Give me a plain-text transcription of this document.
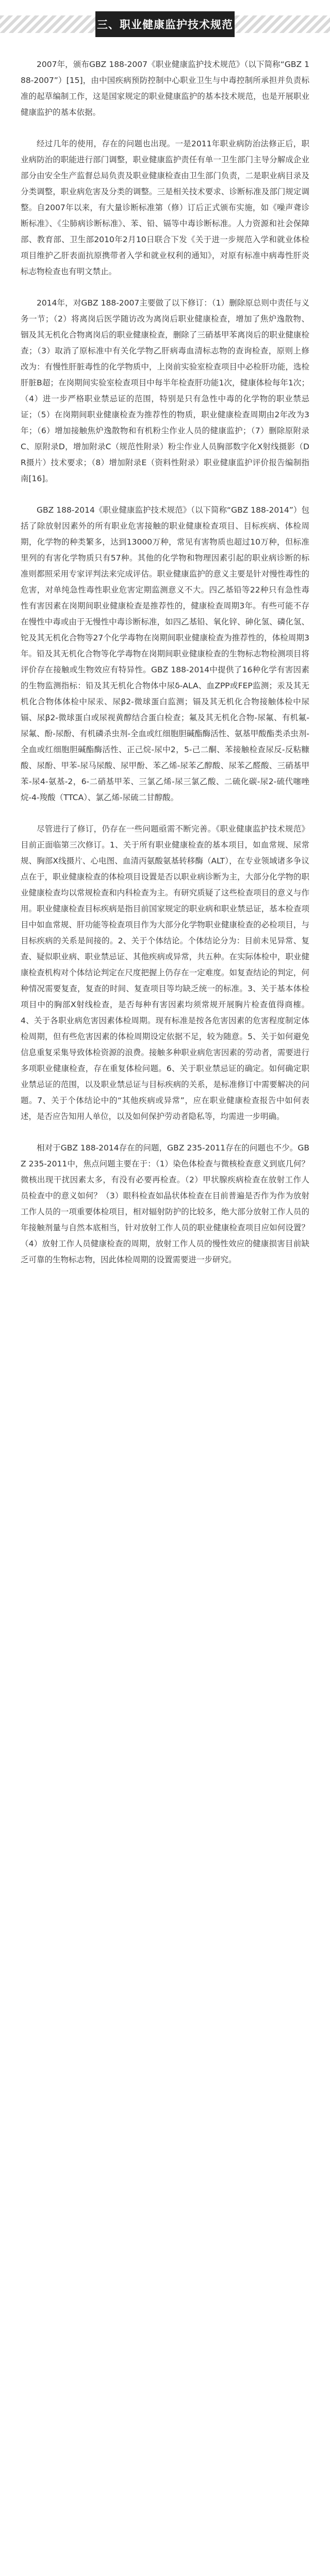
三、职业健康监护技术规范

2007年，颁布GBZ 188-2007《职业健康监护技术规范》（以下简称“GBZ 188-2007”）[15]，由中国疾病预防控制中心职业卫生与中毒控制所承担并负责标准的起草编制工作，这是国家规定的职业健康监护的基本技术规范，也是开展职业健康监护的基本依据。

经过几年的使用，存在的问题也出现。一是2011年职业病防治法修正后，职业病防治的职能进行部门调整，职业健康监护责任有单一卫生部门主导分解成企业部分由安全生产监督总局负责及职业健康检查由卫生部门负责，二是职业病目录及分类调整，职业病危害及分类的调整。三是相关技术要求、诊断标准及部门规定调整。自2007年以来，有大量诊断标准第（修）订后正式颁布实施，如《噪声聋诊断标准》、《尘肺病诊断标准》、苯、铅、镉等中毒诊断标准。人力资源和社会保障部、教育部、卫生部2010年2月10日联合下发《关于进一步规范入学和就业体检项目维护乙肝表面抗原携带者入学和就业权利的通知》，对原有标准中病毒性肝炎标志物检查也有明文禁止。

2014年，对GBZ 188-2007主要做了以下修订：（1）删除原总则中责任与义务一节；（2）将离岗后医学随访改为离岗后职业健康检查，增加了焦炉逸散物、铟及其无机化合物离岗后的职业健康检查，删除了三硝基甲苯离岗后的职业健康检查；（3）取消了原标准中有关化学物乙肝病毒血清标志物的查询检查，原则上修改为：有慢性肝脏毒性的化学物质中，上岗前实验室检查项目中必检肝功能，选检肝脏B超；在岗期间实验室检查项目中每半年检查肝功能1次，健康体检每年1次；（4）进一步严格职业禁忌证的范围，特别是只有急性中毒的化学物的职业禁忌证；（5）在岗期间职业健康检查为推荐性的物质，职业健康检查周期由2年改为3年；（6）增加接触焦炉逸散物和有机粉尘作业人员的健康监护；（7）删除原附录C、原附录D，增加附录C（规范性附录）粉尘作业人员胸部数字化X射线摄影（DR摄片）技术要求；（8）增加附录E（资料性附录）职业健康监护评价报告编制指南[16]。

GBZ 188-2014《职业健康监护技术规范》（以下简称“GBZ 188-2014”）包括了除放射因素外的所有职业危害接触的职业健康检查项目、目标疾病、体检周期，化学物的种类繁多，达到13000万种，常见有害物质也超过10万种，但标准里列的有害化学物质只有57种。其他的化学物和物理因素引起的职业病诊断的标准则都照采用专家评判法来完成评估。职业健康监护的意义主要是针对慢性毒性的危害，对单纯急性毒性职业危害定期监测意义不大。四乙基铅等22种只有急性毒性有害因素在岗期间职业健康检查是推荐性的，健康检查周期3年。有些可能不存在慢性中毒或由于无慢性中毒诊断标准，如四乙基铅、氧化锌、砷化氢、磷化氢、铊及其无机化合物等27个化学毒物在岗期间职业健康检查为推荐性的，体检周期3年。铅及其无机化合物等化学毒物在岗期间职业健康检查的生物标志物检测项目将评价存在接触或生物效应有特异性。GBZ 188-2014中提供了16种化学有害因素的生物监测指标：铅及其无机化合物体中尿δ-ALA、血ZPP或FEP监测；汞及其无机化合物体体检中尿汞、尿β2-微球蛋白监测；镉及其无机化合物接触体检中尿镉、尿β2-微球蛋白或尿视黄醇结合蛋白检查；氟及其无机化合物-尿氟、有机氟-尿氟、酚-尿酚、有机磷杀虫剂-全血或红细胞胆碱酯酶活性、氨基甲酸酯类杀虫剂-全血或红细胞胆碱酯酶活性、正己烷-尿中2，5-己二酮、苯接触检查尿反-反粘糠酸、尿酚、甲苯-尿马尿酸、尿甲酚、苯乙烯-尿苯乙醇酸、尿苯乙醛酸、三硝基甲苯-尿4-氨基-2，6-二硝基甲苯、三氯乙烯-尿三氯乙酸、二硫化碳-尿2-硫代噻唑烷-4-羧酸（TTCA）、氯乙烯-尿硫二甘醇酸。

尽管进行了修订，仍存在一些问题亟需不断完善。《职业健康监护技术规范》目前正面临第三次修订。1、关于所有职业健康检查的基本项目，如血常规、尿常规、胸部X线摄片、心电图、血清丙氨酸氨基转移酶（ALT），在专业领域诸多争议点在于，职业健康检查的体检项目设置是否以职业病诊断为主，大部分化学物的职业健康检查均以常规检查和内科检查为主。有研究质疑了这些检查项目的意义与作用。职业健康检查目标疾病是指目前国家规定的职业病和职业禁忌证，基本检查项目中如血常规、肝功能等检查项目作为大部分化学物职业健康检查的必检项目，与目标疾病的关系是间接的。2、关于个体结论。个体结论分为：目前未见异常、复查、疑似职业病、职业禁忌证、其他疾病或异常，共五种。在实际体检中，职业健康检查机构对个体结论判定在尺度把握上仍存在一定难度。如复查结论的判定，何种情况需要复查，复查的时间、复查项目等均缺乏统一的标准。3、关于基本体检项目中的胸部X射线检查，是否每种有害因素均须常规开展胸片检查值得商榷。4、关于各职业病危害因素体检周期。现有标准是按各危害因素的危害程度制定体检周期，但有些危害因素的体检周期设定依据不足，较为随意。5、关于如何避免信息重复采集导致体检资源的浪费。接触多种职业病危害因素的劳动者，需要进行多项职业健康检查，存在重复体检问题。6、关于职业禁忌证的确定。如何确定职业禁忌证的范围，以及职业禁忌证与目标疾病的关系，是标准修订中需要解决的问题。7、关于个体结论中的“其他疾病或异常”，应在职业健康检查报告中如何表述，是否应告知用人单位，以及如何保护劳动者隐私等，均需进一步明确。

相对于GBZ 188-2014存在的问题，GBZ 235-2011存在的问题也不少。GBZ 235-2011中，焦点问题主要在于：（1）染色体检查与微核检查意义到底几何？微核出现干扰因素太多，有没有必要再检查。（2）甲状腺疾病检查在放射工作人员检查中的意义如何？（3）眼科检查如晶状体检查在目前普遍是否作为作为放射工作人员的一项重要体检项目，相对辐射防护的比较多，绝大部分放射工作人员的年接触剂量与自然本底相当，针对放射工作人员的职业健康检查项目应如何设置？（4）放射工作人员健康检查的周期，放射工作人员的慢性效应的健康损害目前缺乏可靠的生物标志物，因此体检周期的设置需要进一步研究。
